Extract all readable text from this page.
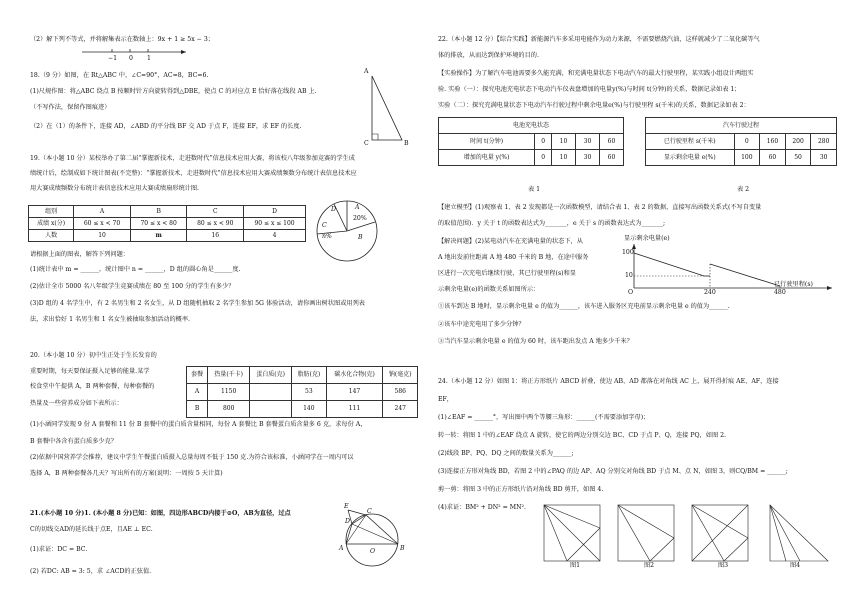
（2）解下列不等式，并将解集表示在数轴上：9x + 1 ≥ 5x − 3；
−1 0 1
18.（9 分）如图，在 Rt△ABC 中，∠C=90°，AC=8，BC=6.
(1)尺规作图：将△ABC 绕点 B 按顺时针方向旋转得到△DBE，使点 C 的对应点 E 恰好落在线段 AB 上.
（不写作法，保留作图痕迹）
（2）在（1）的条件下，连接 AD，∠ABD 的平分线 BF 交 AD 于点 F，连接 EF，求 EF 的长度.
A
C	B
19.（本小题 10 分）某校举办了第二届“掌握新技术，走进数时代”信息技术应用大赛，将该校八年级参加竞赛的学生成
绩统计后，绘制成如下统计图表(不完整)：“掌握新技术，走进数时代”信息技术应用大赛成绩频数分布统计表信息技术应
用大赛成绩频数分布统计表信息技术应用大赛成绩扇形统计图.
组别	A	B	C	D
成绩 x(分)	60 ≤ x < 70	70 ≤ x < 80	80 ≤ x < 90	90 ≤ x ≤ 100
人数	10	m	16	4
D	A
20%
C
n%	B
请根据上面的图表，解答下列问题：
(1)统计表中 m = ______，统计图中 n = ______，D 组的圆心角是______度.
(2)估计全市 5000 名八年级学生竞赛成绩在 80 至 100 分的学生有多少？
(3)D 组的 4 名学生中，有 2 名男生和 2 名女生，从 D 组随机抽取 2 名学生参加 5G 体验活动，请你画出树状图或用列表
法，求出恰好 1 名男生和 1 名女生被抽取参加活动的概率.
20.（本小题 10 分）初中生正处于生长发育的
重要时期，每天要保证摄入足够的能量.某学
校食堂中午提供 A，B 两种套餐，每种套餐的
热量及一些营养成分如下表所示：
套餐	热量(千卡)	蛋白质(克)	脂肪(克)	碳水化合物(克)	钠(毫克)
A	1150		53	147	586
B	800		140	111	247
(1)小涵同学发现 9 份 A 套餐和 11 份 B 套餐中的蛋白质含量相同，每份 A 套餐比 B 套餐蛋白质含量多 6 克，求每份 A，
B 套餐中各含有蛋白质多少克？
(2)依据中国营养学会推荐，建议中学生午餐蛋白质摄入总量每周不低于 150 克.为符合该标准，小涵同学在一周内可以
选择 A，B 两种套餐各几天？写出所有的方案(说明：一周按 5 天计算)
21.(本小题 10 分)1. (本小题 8 分)已知：如图，四边形ABCD内接于⊙O，AB为直径，过点
C的切线交AD的延长线于点E，且AE ⊥ EC.
(1)求证：DC = BC.
(2) 若DC: AB = 3: 5，求 ∠ACD的正弦值.
E
D
C
A	O	B
22.（本小题 12 分）【综合实践】新能源汽车多采用电能作为动力来源，不需要燃烧汽油，这样就减少了二氧化碳等气
体的排放，从而达到保护环境的目的.
【实验操作】为了解汽车电池需要多久能充满，和充满电量状态下电动汽车的最大行驶里程，某实践小组设计两组实
验. 实验（一）：探究电池充电状态下电动汽车仪表盘增加的电量y(%)与时间 t(分钟)的关系，数据记录如表 1；
实验（二）：探究充满电量状态下电动汽车行驶过程中剩余电量e(%)与行驶里程 s(千米)的关系，数据记录如表 2：
电池充电状态				
时间 t(分钟)	0	10	30	60
增加的电量 y(%)	0	10	30	60
表 1
汽车行驶过程				
已行驶里程 s(千米)	0	160	200	280
显示剩余电量 e(%)	100	60	50	30
表 2
【建立模型】(1)观察表 1、表 2 发现都是一次函数模型，请结合表 1、表 2 的数据，直接写出函数关系式(不写自变量
的取值范围)．y 关于 t 的函数表达式为_______，e 关于 s 的函数表达式为_______;
【解决问题】(2)某电动汽车在充满电量的状态下，从
A 地出发前往距离 A 地 480 千米的 B 地，在途中服务
区进行一次充电后继续行驶，其已行驶里程(s)和显
示剩余电量(e)的函数关系如图所示：
显示剩余电量(e)
已行驶里程(s)
100
10
O	240	480
①该车到达 B 地时，显示剩余电量 e 的值为______，该车进入服务区充电前显示剩余电量 e 的值为______.
②该车中途充电用了多少分钟？
③当汽车显示剩余电量 e 的值为 60 时，该车距出发点 A 地多少千米？
24.（本小题 12 分）如图 1：将正方形纸片 ABCD 折叠，使边 AB、AD 都落在对角线 AC 上，展开得折痕 AE、AF，连接
EF，
(1)∠EAF = ______°，写出图中两个等腰三角形：______(不需要添加字母)；
转一转：将图 1 中的∠EAF 绕点 A 旋转，使它的两边分别交边 BC、CD 于点 P、Q，连接 PQ，如图 2.
(2)线段 BP、PQ、DQ 之间的数量关系为______;
(3)连接正方形对角线 BD，若图 2 中的∠PAQ 的边 AP、AQ 分别交对角线 BD 于点 M、点 N，如图 3，则CQ/BM = ______;
剪一剪：将图 3 中的正方形纸片沿对角线 BD 剪开，如图 4.
(4)求证：BM² + DN² = MN².
图1	图2	图3	图4
